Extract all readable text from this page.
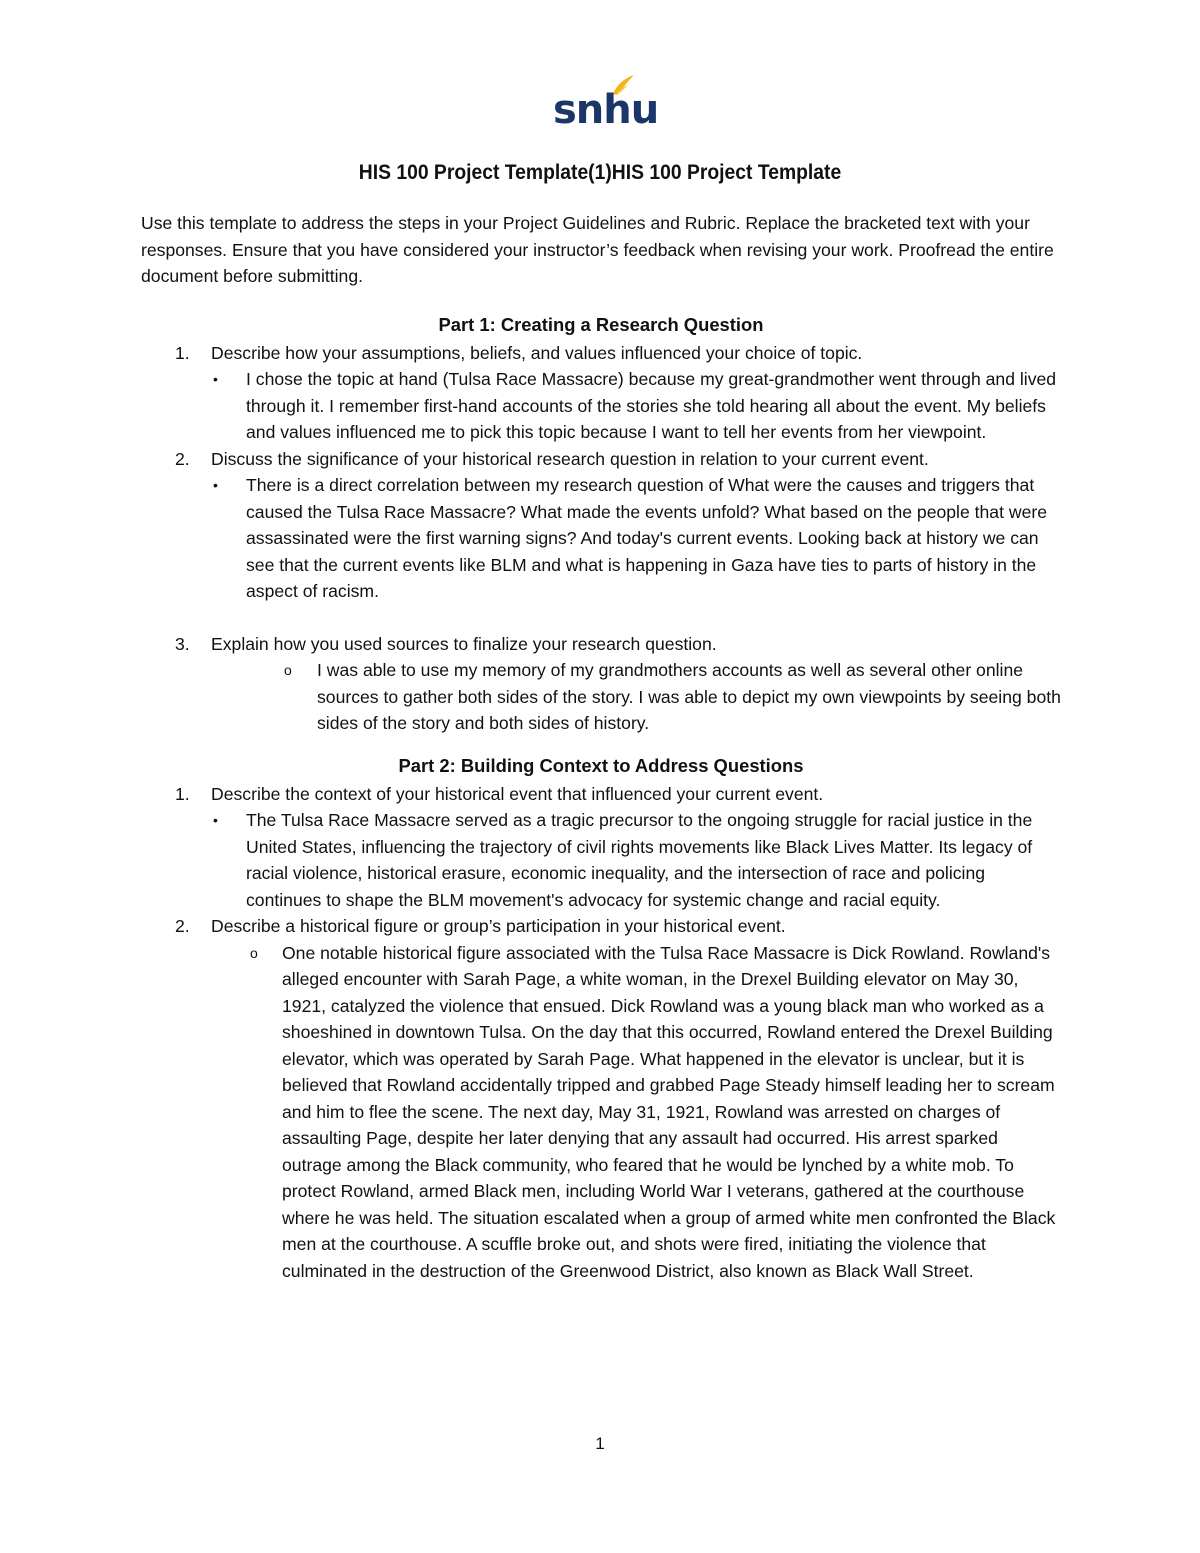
snhu
HIS 100 Project Template(1)HIS 100 Project Template

Use this template to address the steps in your Project Guidelines and Rubric. Replace the bracketed text with your responses. Ensure that you have considered your instructor’s feedback when revising your work. Proofread the entire document before submitting.

Part 1: Creating a Research Question
1. Describe how your assumptions, beliefs, and values influenced your choice of topic.

• I chose the topic at hand (Tulsa Race Massacre) because my great-grandmother went through and lived through it. I remember first-hand accounts of the stories she told hearing all about the event. My beliefs and values influenced me to pick this topic because I want to tell her events from her viewpoint.

2. Discuss the significance of your historical research question in relation to your current event.

• There is a direct correlation between my research question of What were the causes and triggers that caused the Tulsa Race Massacre? What made the events unfold? What based on the people that were assassinated were the first warning signs? And today's current events. Looking back at history we can see that the current events like BLM and what is happening in Gaza have ties to parts of history in the aspect of racism.

3. Explain how you used sources to finalize your research question.

o I was able to use my memory of my grandmothers accounts as well as several other online sources to gather both sides of the story. I was able to depict my own viewpoints by seeing both sides of the story and both sides of history.

Part 2: Building Context to Address Questions
1. Describe the context of your historical event that influenced your current event.

• The Tulsa Race Massacre served as a tragic precursor to the ongoing struggle for racial justice in the United States, influencing the trajectory of civil rights movements like Black Lives Matter. Its legacy of racial violence, historical erasure, economic inequality, and the intersection of race and policing continues to shape the BLM movement's advocacy for systemic change and racial equity.

2. Describe a historical figure or group’s participation in your historical event.

o One notable historical figure associated with the Tulsa Race Massacre is Dick Rowland. Rowland's alleged encounter with Sarah Page, a white woman, in the Drexel Building elevator on May 30, 1921, catalyzed the violence that ensued. Dick Rowland was a young black man who worked as a shoeshined in downtown Tulsa. On the day that this occurred, Rowland entered the Drexel Building elevator, which was operated by Sarah Page. What happened in the elevator is unclear, but it is believed that Rowland accidentally tripped and grabbed Page Steady himself leading her to scream and him to flee the scene. The next day, May 31, 1921, Rowland was arrested on charges of assaulting Page, despite her later denying that any assault had occurred. His arrest sparked outrage among the Black community, who feared that he would be lynched by a white mob. To protect Rowland, armed Black men, including World War I veterans, gathered at the courthouse where he was held. The situation escalated when a group of armed white men confronted the Black men at the courthouse. A scuffle broke out, and shots were fired, initiating the violence that culminated in the destruction of the Greenwood District, also known as Black Wall Street.

1
